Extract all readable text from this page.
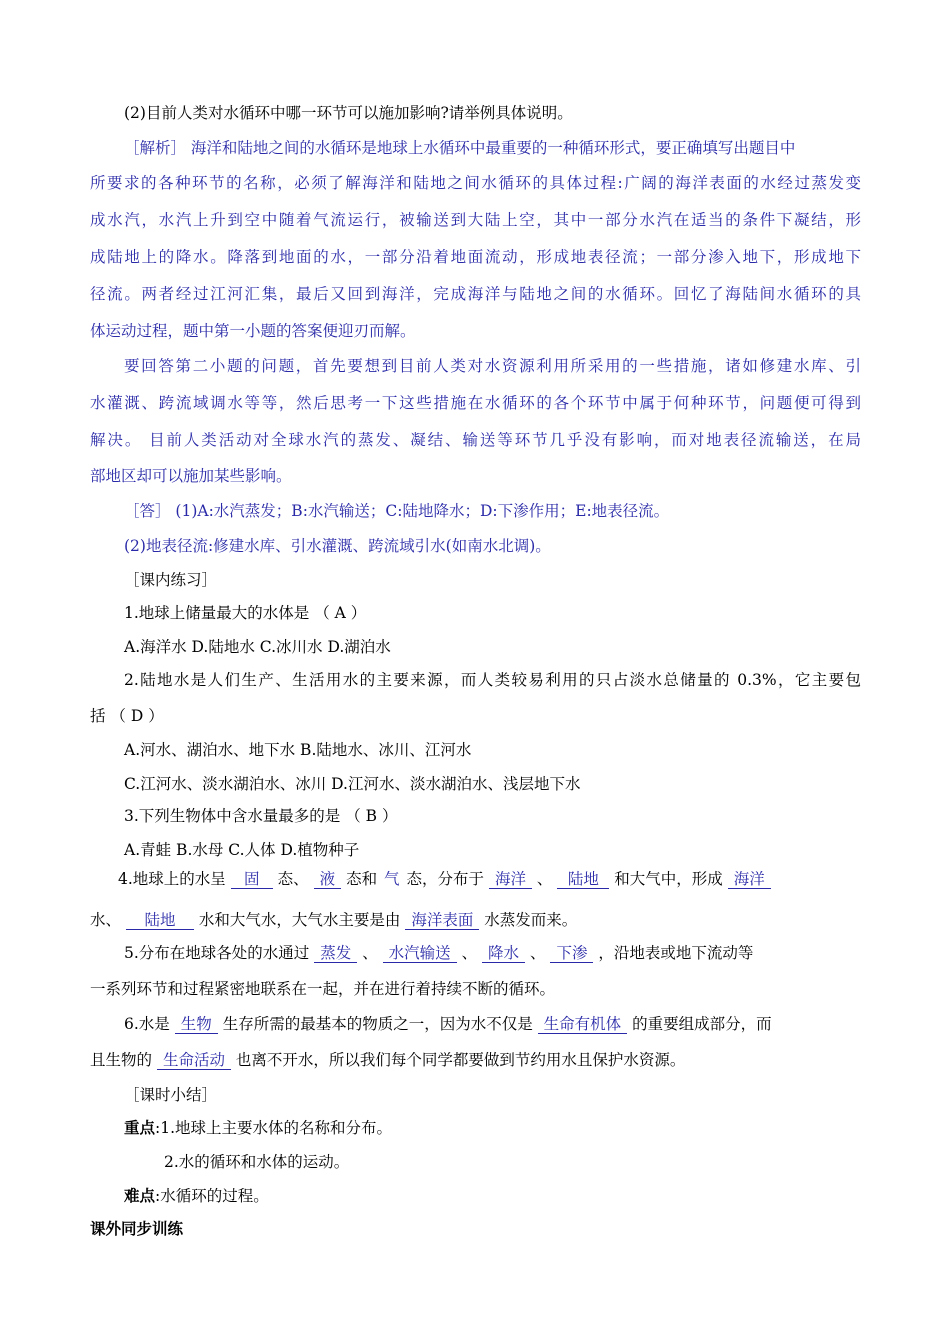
(2)目前人类对水循环中哪一环节可以施加影响?请举例具体说明。
［解析］ 海洋和陆地之间的水循环是地球上水循环中最重要的一种循环形式，要正确填写出题目中
所要求的各种环节的名称，必须了解海洋和陆地之间水循环的具体过程:广阔的海洋表面的水经过蒸发变
成水汽，水汽上升到空中随着气流运行，被输送到大陆上空，其中一部分水汽在适当的条件下凝结，形
成陆地上的降水。降落到地面的水，一部分沿着地面流动，形成地表径流；一部分渗入地下，形成地下
径流。两者经过江河汇集，最后又回到海洋，完成海洋与陆地之间的水循环。回忆了海陆间水循环的具
体运动过程，题中第一小题的答案便迎刃而解。
要回答第二小题的问题，首先要想到目前人类对水资源利用所采用的一些措施，诸如修建水库、引
水灌溉、跨流域调水等等，然后思考一下这些措施在水循环的各个环节中属于何种环节，问题便可得到
解决。 目前人类活动对全球水汽的蒸发、凝结、输送等环节几乎没有影响，而对地表径流输送，在局
部地区却可以施加某些影响。
［答］ (1)A:水汽蒸发；B:水汽输送；C:陆地降水；D:下渗作用；E:地表径流。
(2)地表径流:修建水库、引水灌溉、跨流域引水(如南水北调)。
［课内练习］
1.地球上储量最大的水体是 （ A ）
A.海洋水 D.陆地水 C.冰川水 D.湖泊水
2.陆地水是人们生产、生活用水的主要来源，而人类较易利用的只占淡水总储量的 0.3%，它主要包
括 （ D ）
A.河水、湖泊水、地下水 B.陆地水、冰川、江河水
C.江河水、淡水湖泊水、冰川 D.江河水、淡水湖泊水、浅层地下水
3.下列生物体中含水量最多的是 （ B ）
A.青蛙 B.水母 C.人体 D.植物种子
4.地球上的水呈 固 态、 液 态和 气 态，分布于 海洋 、 陆地 和大气中，形成 海洋
水、 陆地 水和大气水，大气水主要是由 海洋表面 水蒸发而来。
5.分布在地球各处的水通过 蒸发 、 水汽输送 、 降水 、 下渗 ，沿地表或地下流动等
一系列环节和过程紧密地联系在一起，并在进行着持续不断的循环。
6.水是 生物 生存所需的最基本的物质之一，因为水不仅是 生命有机体 的重要组成部分，而
且生物的 生命活动 也离不开水，所以我们每个同学都要做到节约用水且保护水资源。
［课时小结］
重点:1.地球上主要水体的名称和分布。
2.水的循环和水体的运动。
难点:水循环的过程。
课外同步训练
